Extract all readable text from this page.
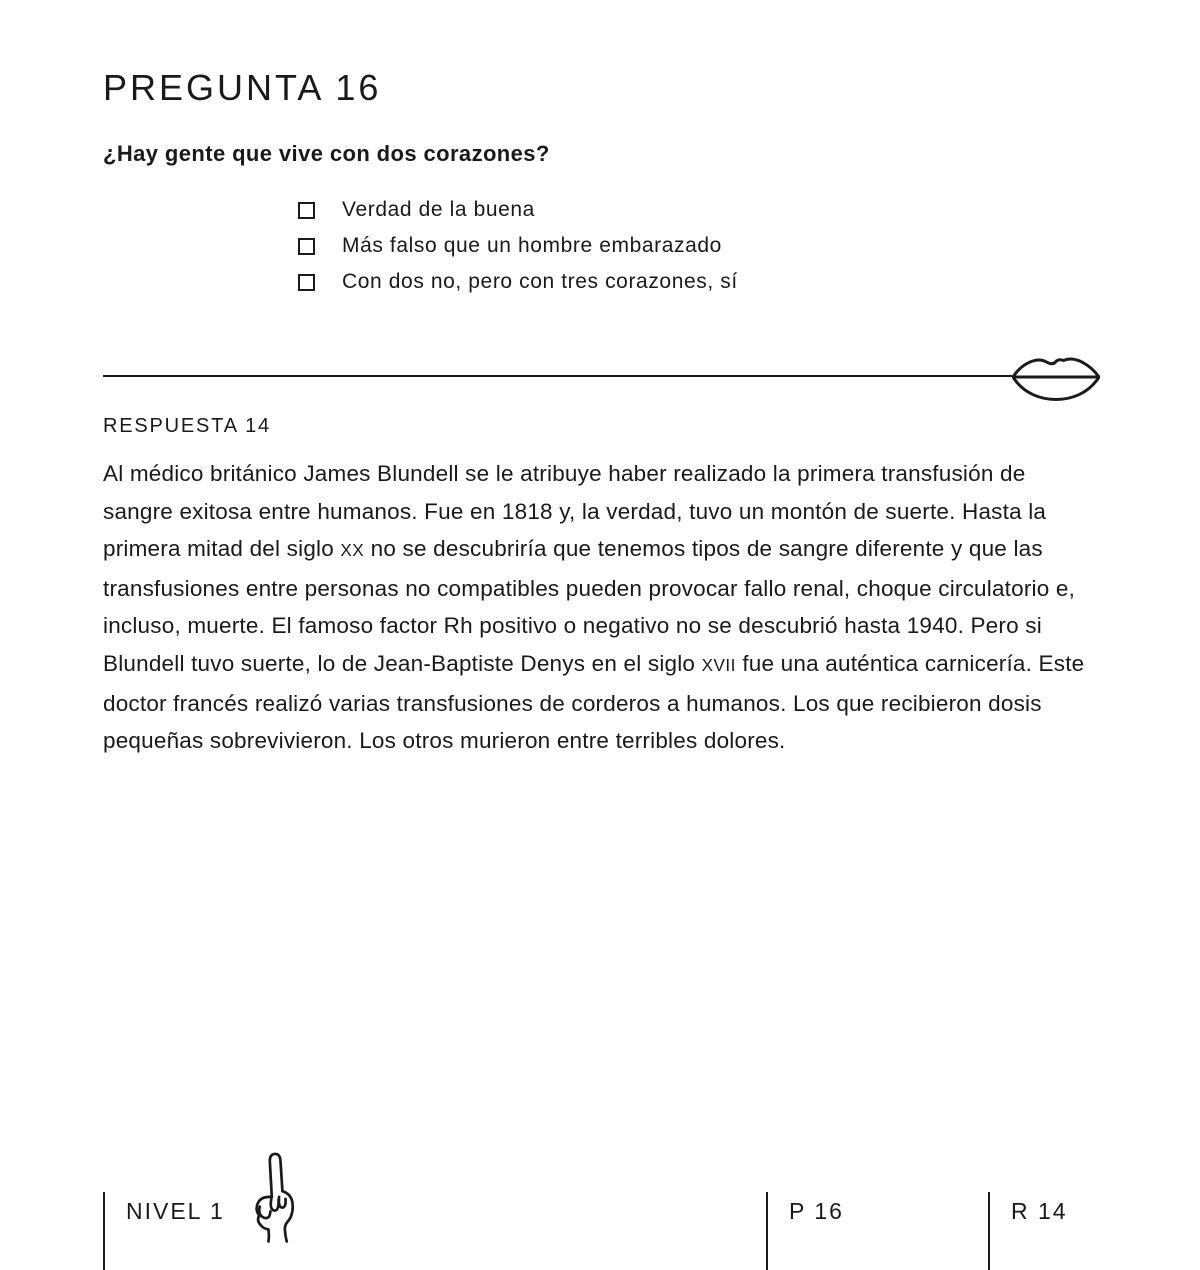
PREGUNTA 16

¿Hay gente que vive con dos corazones?

Verdad de la buena
Más falso que un hombre embarazado
Con dos no, pero con tres corazones, sí
RESPUESTA 14

Al médico británico James Blundell se le atribuye haber realizado la primera transfusión de sangre exitosa entre humanos. Fue en 1818 y, la verdad, tuvo un montón de suerte. Hasta la primera mitad del siglo XX no se descubriría que tenemos tipos de sangre diferente y que las transfusiones entre personas no compatibles pueden provocar fallo renal, choque circulatorio e, incluso, muerte. El famoso factor Rh positivo o negativo no se descubrió hasta 1940. Pero si Blundell tuvo suerte, lo de Jean-Baptiste Denys en el siglo XVII fue una auténtica carnicería. Este doctor francés realizó varias transfusiones de corderos a humanos. Los que recibieron dosis pequeñas sobrevivieron. Los otros murieron entre terribles dolores.

NIVEL 1	P 16	R 14
